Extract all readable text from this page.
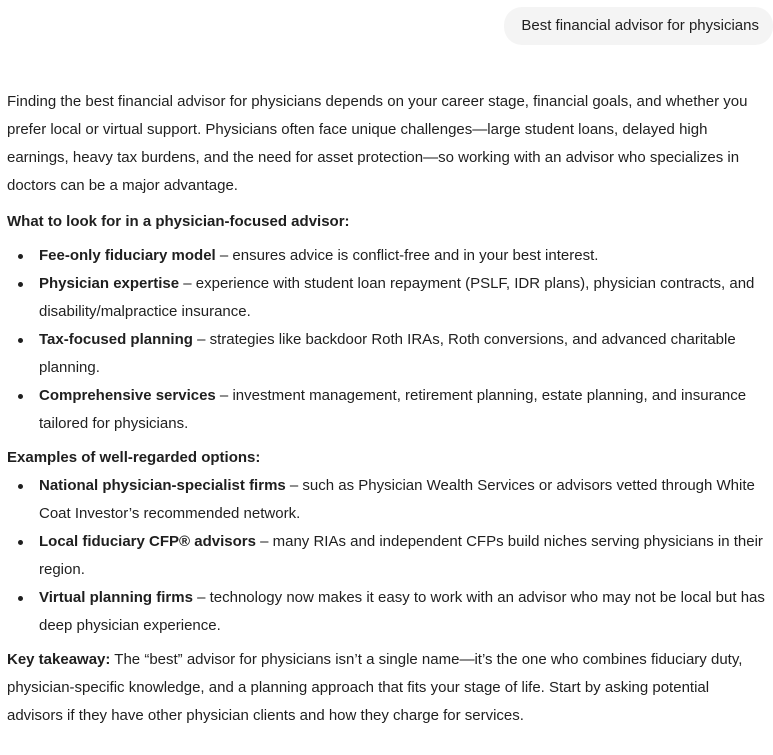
Best financial advisor for physicians

Finding the best financial advisor for physicians depends on your career stage, financial goals, and whether you prefer local or virtual support. Physicians often face unique challenges—large student loans, delayed high earnings, heavy tax burdens, and the need for asset protection—so working with an advisor who specializes in doctors can be a major advantage.

What to look for in a physician-focused advisor:

Fee-only fiduciary model – ensures advice is conflict-free and in your best interest.
Physician expertise – experience with student loan repayment (PSLF, IDR plans), physician contracts, and disability/malpractice insurance.
Tax-focused planning – strategies like backdoor Roth IRAs, Roth conversions, and advanced charitable planning.
Comprehensive services – investment management, retirement planning, estate planning, and insurance tailored for physicians.

Examples of well-regarded options:

National physician-specialist firms – such as Physician Wealth Services or advisors vetted through White Coat Investor’s recommended network.
Local fiduciary CFP® advisors – many RIAs and independent CFPs build niches serving physicians in their region.
Virtual planning firms – technology now makes it easy to work with an advisor who may not be local but has deep physician experience.

Key takeaway: The “best” advisor for physicians isn’t a single name—it’s the one who combines fiduciary duty, physician-specific knowledge, and a planning approach that fits your stage of life. Start by asking potential advisors if they have other physician clients and how they charge for services.
